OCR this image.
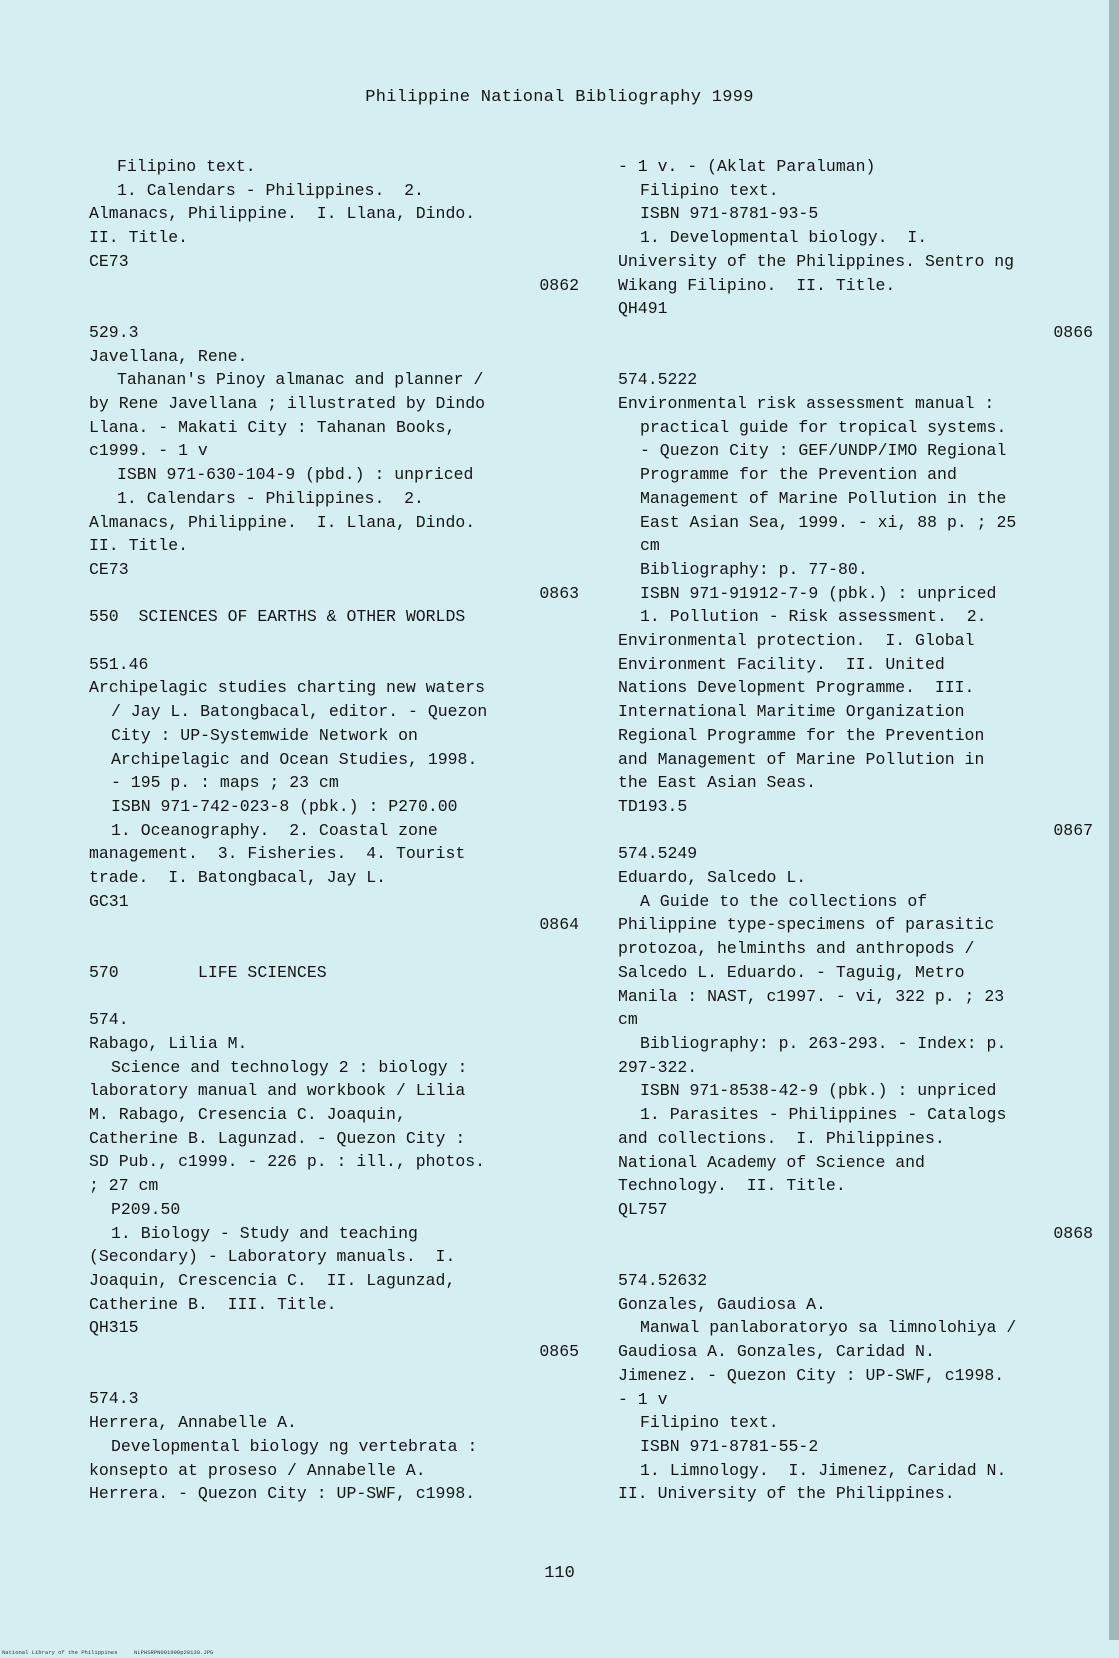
Philippine National Bibliography 1999
Filipino text.
1. Calendars - Philippines.  2.
Almanacs, Philippine.  I. Llana, Dindo.
II. Title.
CE73
0862
529.3
Javellana, Rene.
Tahanan's Pinoy almanac and planner /
by Rene Javellana ; illustrated by Dindo
Llana. - Makati City : Tahanan Books,
c1999. - 1 v
ISBN 971-630-104-9 (pbd.) : unpriced
1. Calendars - Philippines.  2.
Almanacs, Philippine.  I. Llana, Dindo.
II. Title.
CE73
0863
550  SCIENCES OF EARTHS & OTHER WORLDS
551.46
Archipelagic studies charting new waters
/ Jay L. Batongbacal, editor. - Quezon
City : UP-Systemwide Network on
Archipelagic and Ocean Studies, 1998.
- 195 p. : maps ; 23 cm
ISBN 971-742-023-8 (pbk.) : P270.00
1. Oceanography.  2. Coastal zone
management.  3. Fisheries.  4. Tourist
trade.  I. Batongbacal, Jay L.
GC31
0864
570        LIFE SCIENCES
574.
Rabago, Lilia M.
Science and technology 2 : biology :
laboratory manual and workbook / Lilia
M. Rabago, Cresencia C. Joaquin,
Catherine B. Lagunzad. - Quezon City :
SD Pub., c1999. - 226 p. : ill., photos.
; 27 cm
P209.50
1. Biology - Study and teaching
(Secondary) - Laboratory manuals.  I.
Joaquin, Crescencia C.  II. Lagunzad,
Catherine B.  III. Title.
QH315
0865
574.3
Herrera, Annabelle A.
Developmental biology ng vertebrata :
konsepto at proseso / Annabelle A.
Herrera. - Quezon City : UP-SWF, c1998.
- 1 v. - (Aklat Paraluman)
Filipino text.
ISBN 971-8781-93-5
1. Developmental biology.  I.
University of the Philippines. Sentro ng
Wikang Filipino.  II. Title.
QH491
0866
574.5222
Environmental risk assessment manual :
practical guide for tropical systems.
- Quezon City : GEF/UNDP/IMO Regional
Programme for the Prevention and
Management of Marine Pollution in the
East Asian Sea, 1999. - xi, 88 p. ; 25
cm
Bibliography: p. 77-80.
ISBN 971-91912-7-9 (pbk.) : unpriced
1. Pollution - Risk assessment.  2.
Environmental protection.  I. Global
Environment Facility.  II. United
Nations Development Programme.  III.
International Maritime Organization
Regional Programme for the Prevention
and Management of Marine Pollution in
the East Asian Seas.
TD193.5
0867
574.5249
Eduardo, Salcedo L.
A Guide to the collections of
Philippine type-specimens of parasitic
protozoa, helminths and anthropods /
Salcedo L. Eduardo. - Taguig, Metro
Manila : NAST, c1997. - vi, 322 p. ; 23
cm
Bibliography: p. 263-293. - Index: p.
297-322.
ISBN 971-8538-42-9 (pbk.) : unpriced
1. Parasites - Philippines - Catalogs
and collections.  I. Philippines.
National Academy of Science and
Technology.  II. Title.
QL757
0868
574.52632
Gonzales, Gaudiosa A.
Manwal panlaboratoryo sa limnolohiya /
Gaudiosa A. Gonzales, Caridad N.
Jimenez. - Quezon City : UP-SWF, c1998.
- 1 v
Filipino text.
ISBN 971-8781-55-2
1. Limnology.  I. Jimenez, Caridad N.
II. University of the Philippines.
110
National Library of the Philippines     NLPHSRPN091999p20130.JPG
